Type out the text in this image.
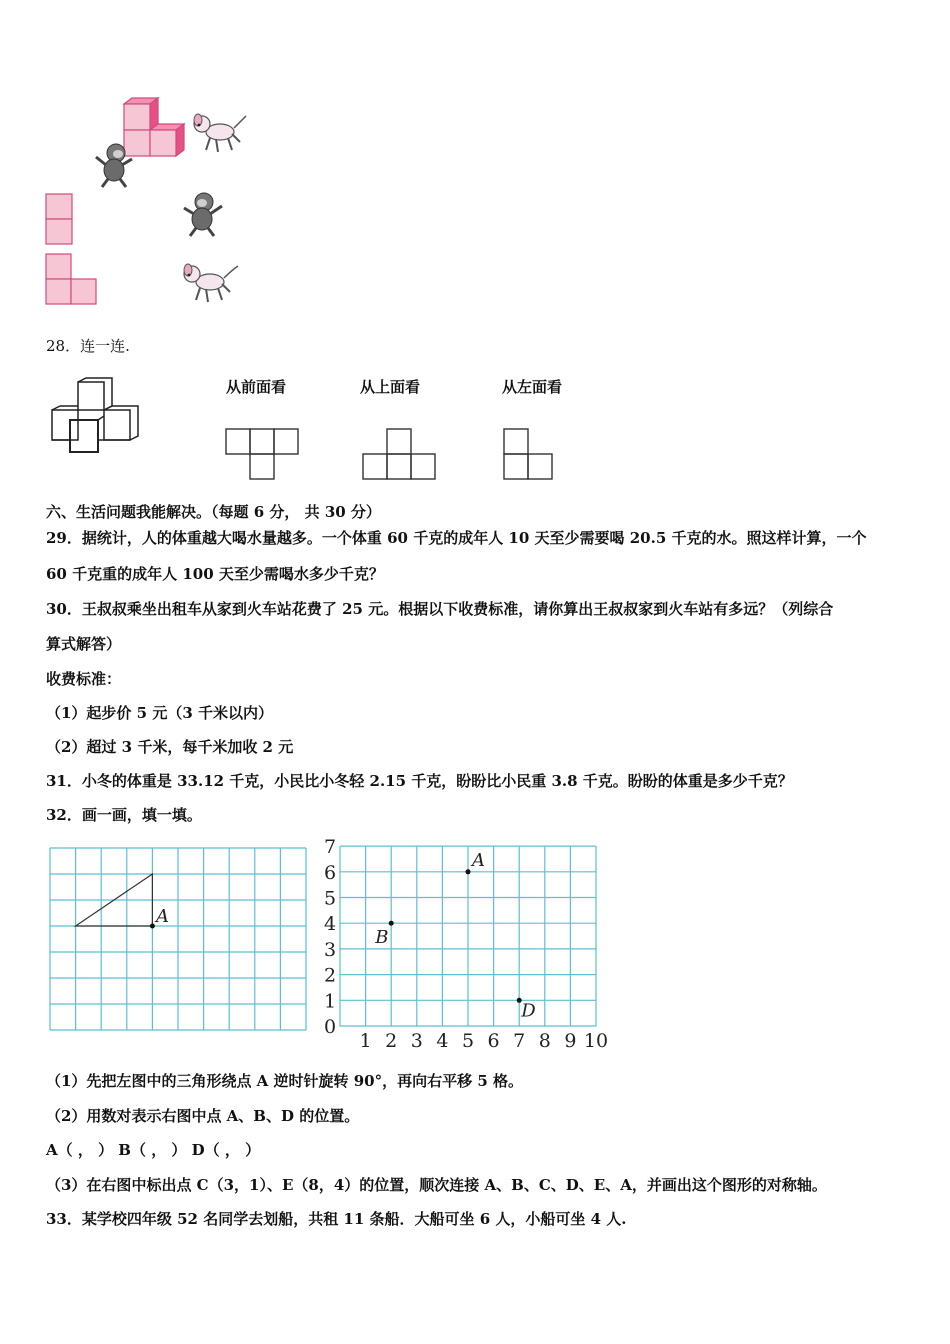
28．连一连.
从前面看	从上面看	从左面看
六、生活问题我能解决。（每题 6 分， 共 30 分）
29．据统计，人的体重越大喝水量越多。一个体重 60 千克的成年人 10 天至少需要喝 20.5 千克的水。照这样计算，一个
60 千克重的成年人 100 天至少需喝水多少千克？
30．王叔叔乘坐出租车从家到火车站花费了 25 元。根据以下收费标准，请你算出王叔叔家到火车站有多远？（列综合
算式解答）
收费标准：
（1）起步价 5 元（3 千米以内）
（2）超过 3 千米，每千米加收 2 元
31．小冬的体重是 33.12 千克，小民比小冬轻 2.15 千克，盼盼比小民重 3.8 千克。盼盼的体重是多少千克？
32．画一画，填一填。
A
0
1
2
3
4
5
6
7
1 2 3 4 5 6 7 8 9 10
A
B
D
（1）先把左图中的三角形绕点 A 逆时针旋转 90°，再向右平移 5 格。
（2）用数对表示右图中点 A、B、D 的位置。
A（ ， ） B（ ， ） D（ ， ）
（3）在右图中标出点 C（3，1）、E（8，4）的位置，顺次连接 A、B、C、D、E、A，并画出这个图形的对称轴。
33．某学校四年级 52 名同学去划船，共租 11 条船．大船可坐 6 人，小船可坐 4 人.
